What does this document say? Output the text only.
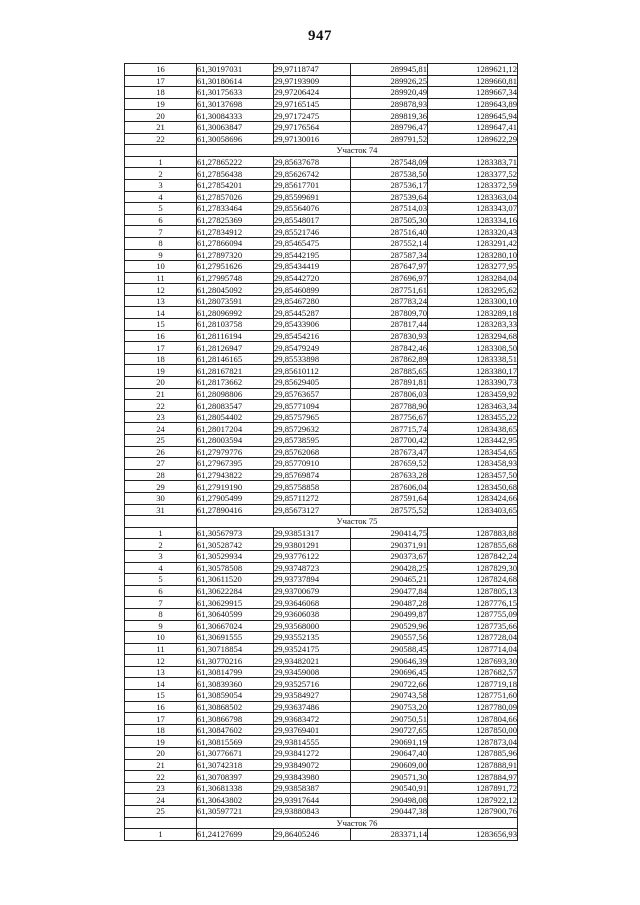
947
16	61,30197031	29,97118747	289945,81	1289621,12
17	61,30180614	29,97193909	289926,25	1289660,81
18	61,30175633	29,97206424	289920,49	1289667,34
19	61,30137698	29,97165145	289878,93	1289643,89
20	61,30084333	29,97172475	289819,36	1289645,94
21	61,30063847	29,97176564	289796,47	1289647,41
22	61,30058696	29,97130016	289791,52	1289622,29
	Участок 74			
1	61,27865222	29,85637678	287548,09	1283383,71
2	61,27856438	29,85626742	287538,50	1283377,52
3	61,27854201	29,85617701	287536,17	1283372,59
4	61,27857026	29,85599691	287539,64	1283363,04
5	61,27833464	29,85564076	287514,03	1283343,07
6	61,27825369	29,85548017	287505,30	1283334,16
7	61,27834912	29,85521746	287516,40	1283320,43
8	61,27866094	29,85465475	287552,14	1283291,42
9	61,27897320	29,85442195	287587,34	1283280,10
10	61,27951626	29,85434419	287647,97	1283277,95
11	61,27995748	29,85442720	287696,97	1283284,04
12	61,28045092	29,85460899	287751,61	1283295,62
13	61,28073591	29,85467280	287783,24	1283300,10
14	61,28096992	29,85445287	287809,70	1283289,18
15	61,28103758	29,85433906	287817,44	1283283,33
16	61,28116194	29,85454216	287830,93	1283294,68
17	61,28126947	29,85479249	287842,46	1283308,50
18	61,28146165	29,85533898	287862,89	1283338,51
19	61,28167821	29,85610112	287885,65	1283380,17
20	61,28173662	29,85629405	287891,81	1283390,73
21	61,28098806	29,85763657	287806,03	1283459,92
22	61,28083547	29,85771094	287788,90	1283463,34
23	61,28054402	29,85757965	287756,67	1283455,22
24	61,28017204	29,85729632	287715,74	1283438,65
25	61,28003594	29,85738595	287700,42	1283442,95
26	61,27979776	29,85762068	287673,47	1283454,65
27	61,27967395	29,85770910	287659,52	1283458,93
28	61,27943822	29,85769874	287633,28	1283457,50
29	61,27919190	29,85758858	287606,04	1283450,68
30	61,27905499	29,85711272	287591,64	1283424,66
31	61,27890416	29,85673127	287575,52	1283403,65
	Участок 75			
1	61,30567973	29,93851317	290414,75	1287883,88
2	61,30528742	29,93801291	290371,91	1287855,68
3	61,30529934	29,93776122	290373,67	1287842,24
4	61,30578508	29,93748723	290428,25	1287829,30
5	61,30611520	29,93737894	290465,21	1287824,68
6	61,30622284	29,93700679	290477,84	1287805,13
7	61,30629915	29,93646068	290487,28	1287776,15
8	61,30640599	29,93606038	290499,87	1287755,09
9	61,30667024	29,93568000	290529,96	1287735,66
10	61,30691555	29,93552135	290557,56	1287728,04
11	61,30718854	29,93524175	290588,45	1287714,04
12	61,30770216	29,93482021	290646,39	1287693,30
13	61,30814799	29,93459008	290696,45	1287682,57
14	61,30839360	29,93525716	290722,66	1287719,18
15	61,30859054	29,93584927	290743,58	1287751,60
16	61,30868502	29,93637486	290753,20	1287780,09
17	61,30866798	29,93683472	290750,51	1287804,66
18	61,30847602	29,93769401	290727,65	1287850,00
19	61,30815569	29,93814555	290691,19	1287873,04
20	61,30776671	29,93841272	290647,40	1287885,96
21	61,30742318	29,93849072	290609,00	1287888,91
22	61,30708397	29,93843980	290571,30	1287884,97
23	61,30681338	29,93858387	290540,91	1287891,72
24	61,30643802	29,93917644	290498,08	1287922,12
25	61,30597721	29,93880843	290447,38	1287900,76
	Участок 76			
1	61,24127699	29,86405246	283371,14	1283656,93
